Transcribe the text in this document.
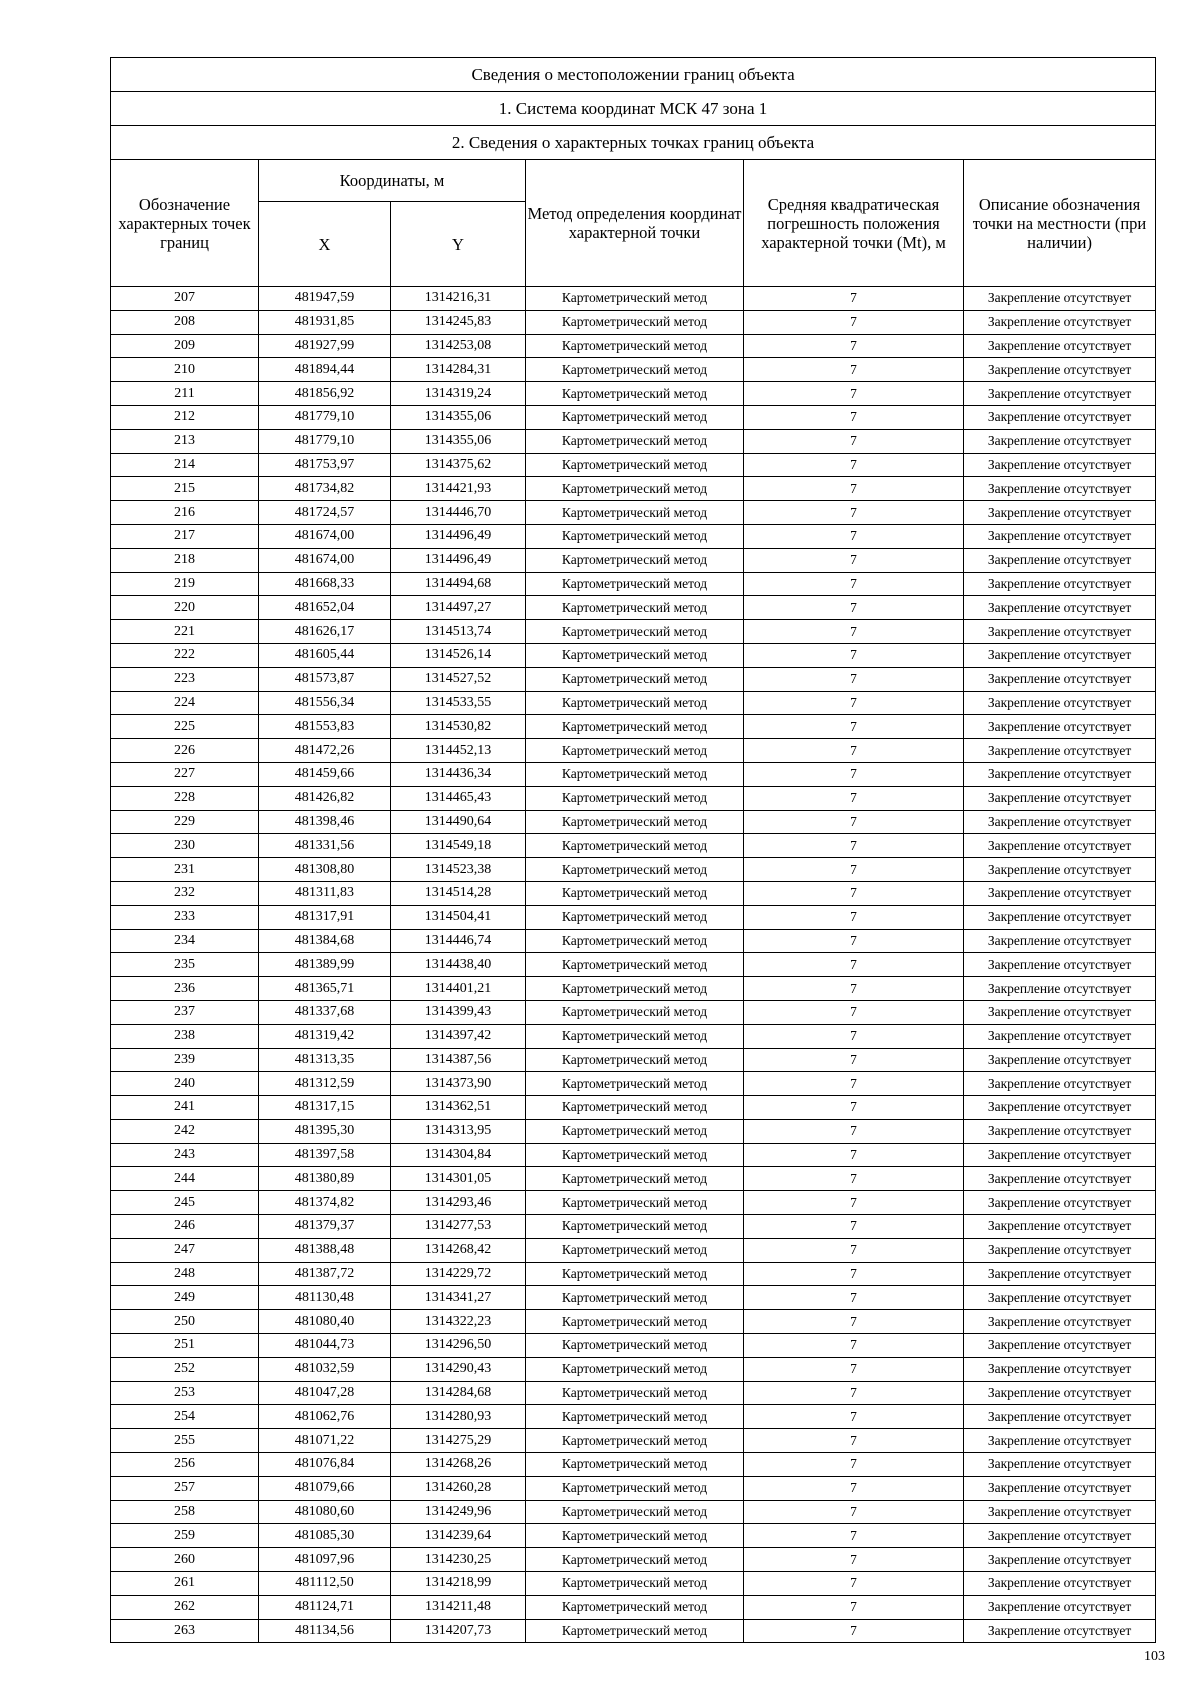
Сведения о местоположении границ объекта					
1. Система координат МСК 47 зона 1					
2. Сведения о характерных точках границ объекта					
Обозначение характерных точек границ	Координаты, м		Метод определения координат характерной точки	Средняя квадратическая погрешность положения характерной точки (Mt), м	Описание обозначения точки на местности (при наличии)
	X	Y			
207	481947,59	1314216,31	Картометрический метод	7	Закрепление отсутствует
208	481931,85	1314245,83	Картометрический метод	7	Закрепление отсутствует
209	481927,99	1314253,08	Картометрический метод	7	Закрепление отсутствует
210	481894,44	1314284,31	Картометрический метод	7	Закрепление отсутствует
211	481856,92	1314319,24	Картометрический метод	7	Закрепление отсутствует
212	481779,10	1314355,06	Картометрический метод	7	Закрепление отсутствует
213	481779,10	1314355,06	Картометрический метод	7	Закрепление отсутствует
214	481753,97	1314375,62	Картометрический метод	7	Закрепление отсутствует
215	481734,82	1314421,93	Картометрический метод	7	Закрепление отсутствует
216	481724,57	1314446,70	Картометрический метод	7	Закрепление отсутствует
217	481674,00	1314496,49	Картометрический метод	7	Закрепление отсутствует
218	481674,00	1314496,49	Картометрический метод	7	Закрепление отсутствует
219	481668,33	1314494,68	Картометрический метод	7	Закрепление отсутствует
220	481652,04	1314497,27	Картометрический метод	7	Закрепление отсутствует
221	481626,17	1314513,74	Картометрический метод	7	Закрепление отсутствует
222	481605,44	1314526,14	Картометрический метод	7	Закрепление отсутствует
223	481573,87	1314527,52	Картометрический метод	7	Закрепление отсутствует
224	481556,34	1314533,55	Картометрический метод	7	Закрепление отсутствует
225	481553,83	1314530,82	Картометрический метод	7	Закрепление отсутствует
226	481472,26	1314452,13	Картометрический метод	7	Закрепление отсутствует
227	481459,66	1314436,34	Картометрический метод	7	Закрепление отсутствует
228	481426,82	1314465,43	Картометрический метод	7	Закрепление отсутствует
229	481398,46	1314490,64	Картометрический метод	7	Закрепление отсутствует
230	481331,56	1314549,18	Картометрический метод	7	Закрепление отсутствует
231	481308,80	1314523,38	Картометрический метод	7	Закрепление отсутствует
232	481311,83	1314514,28	Картометрический метод	7	Закрепление отсутствует
233	481317,91	1314504,41	Картометрический метод	7	Закрепление отсутствует
234	481384,68	1314446,74	Картометрический метод	7	Закрепление отсутствует
235	481389,99	1314438,40	Картометрический метод	7	Закрепление отсутствует
236	481365,71	1314401,21	Картометрический метод	7	Закрепление отсутствует
237	481337,68	1314399,43	Картометрический метод	7	Закрепление отсутствует
238	481319,42	1314397,42	Картометрический метод	7	Закрепление отсутствует
239	481313,35	1314387,56	Картометрический метод	7	Закрепление отсутствует
240	481312,59	1314373,90	Картометрический метод	7	Закрепление отсутствует
241	481317,15	1314362,51	Картометрический метод	7	Закрепление отсутствует
242	481395,30	1314313,95	Картометрический метод	7	Закрепление отсутствует
243	481397,58	1314304,84	Картометрический метод	7	Закрепление отсутствует
244	481380,89	1314301,05	Картометрический метод	7	Закрепление отсутствует
245	481374,82	1314293,46	Картометрический метод	7	Закрепление отсутствует
246	481379,37	1314277,53	Картометрический метод	7	Закрепление отсутствует
247	481388,48	1314268,42	Картометрический метод	7	Закрепление отсутствует
248	481387,72	1314229,72	Картометрический метод	7	Закрепление отсутствует
249	481130,48	1314341,27	Картометрический метод	7	Закрепление отсутствует
250	481080,40	1314322,23	Картометрический метод	7	Закрепление отсутствует
251	481044,73	1314296,50	Картометрический метод	7	Закрепление отсутствует
252	481032,59	1314290,43	Картометрический метод	7	Закрепление отсутствует
253	481047,28	1314284,68	Картометрический метод	7	Закрепление отсутствует
254	481062,76	1314280,93	Картометрический метод	7	Закрепление отсутствует
255	481071,22	1314275,29	Картометрический метод	7	Закрепление отсутствует
256	481076,84	1314268,26	Картометрический метод	7	Закрепление отсутствует
257	481079,66	1314260,28	Картометрический метод	7	Закрепление отсутствует
258	481080,60	1314249,96	Картометрический метод	7	Закрепление отсутствует
259	481085,30	1314239,64	Картометрический метод	7	Закрепление отсутствует
260	481097,96	1314230,25	Картометрический метод	7	Закрепление отсутствует
261	481112,50	1314218,99	Картометрический метод	7	Закрепление отсутствует
262	481124,71	1314211,48	Картометрический метод	7	Закрепление отсутствует
263	481134,56	1314207,73	Картометрический метод	7	Закрепление отсутствует
103
